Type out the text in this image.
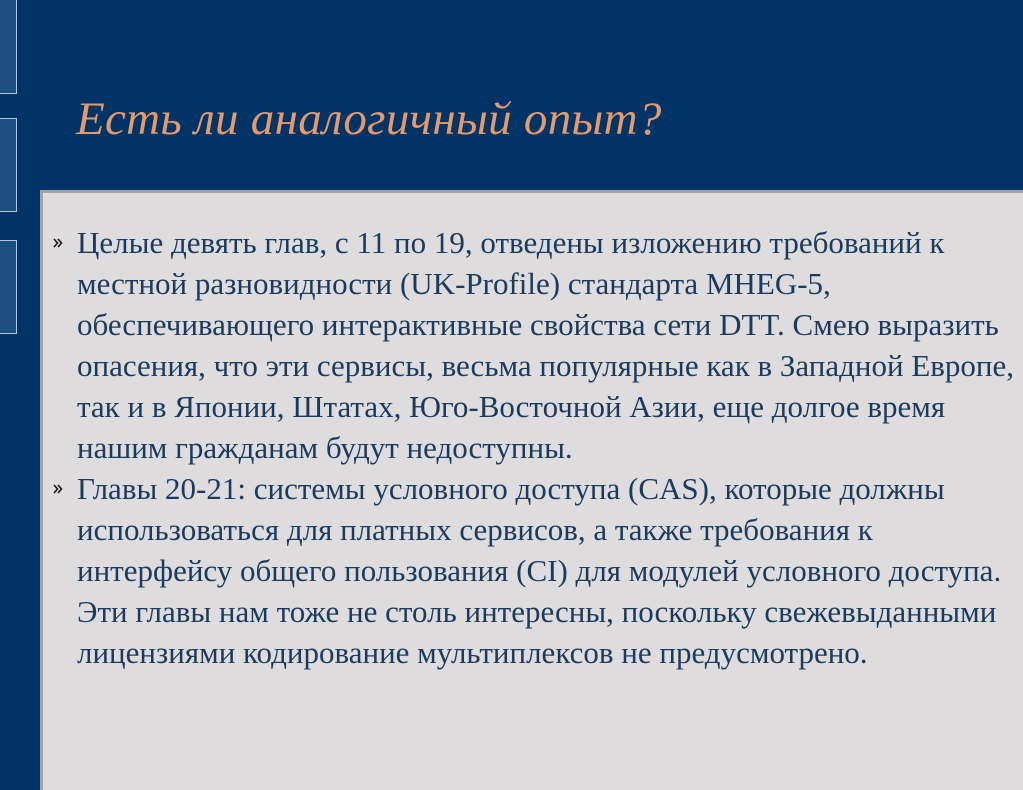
Есть ли аналогичный опыт?
Целые девять глав, с 11 по 19, отведены изложению требований к местной разновидности (UK-Profile) стандарта MHEG-5, обеспечивающего интерактивные свойства сети DTT. Смею выразить опасения, что эти сервисы, весьма популярные как в Западной Европе, так и в Японии, Штатах, Юго-Восточной Азии, еще долгое время нашим гражданам будут недоступны.
Главы 20-21: системы условного доступа (CAS), которые должны использоваться для платных сервисов, а также требования к интерфейсу общего пользования (CI) для модулей условного доступа. Эти главы нам тоже не столь интересны, поскольку свежевыданными лицензиями кодирование мультиплексов не предусмотрено.
